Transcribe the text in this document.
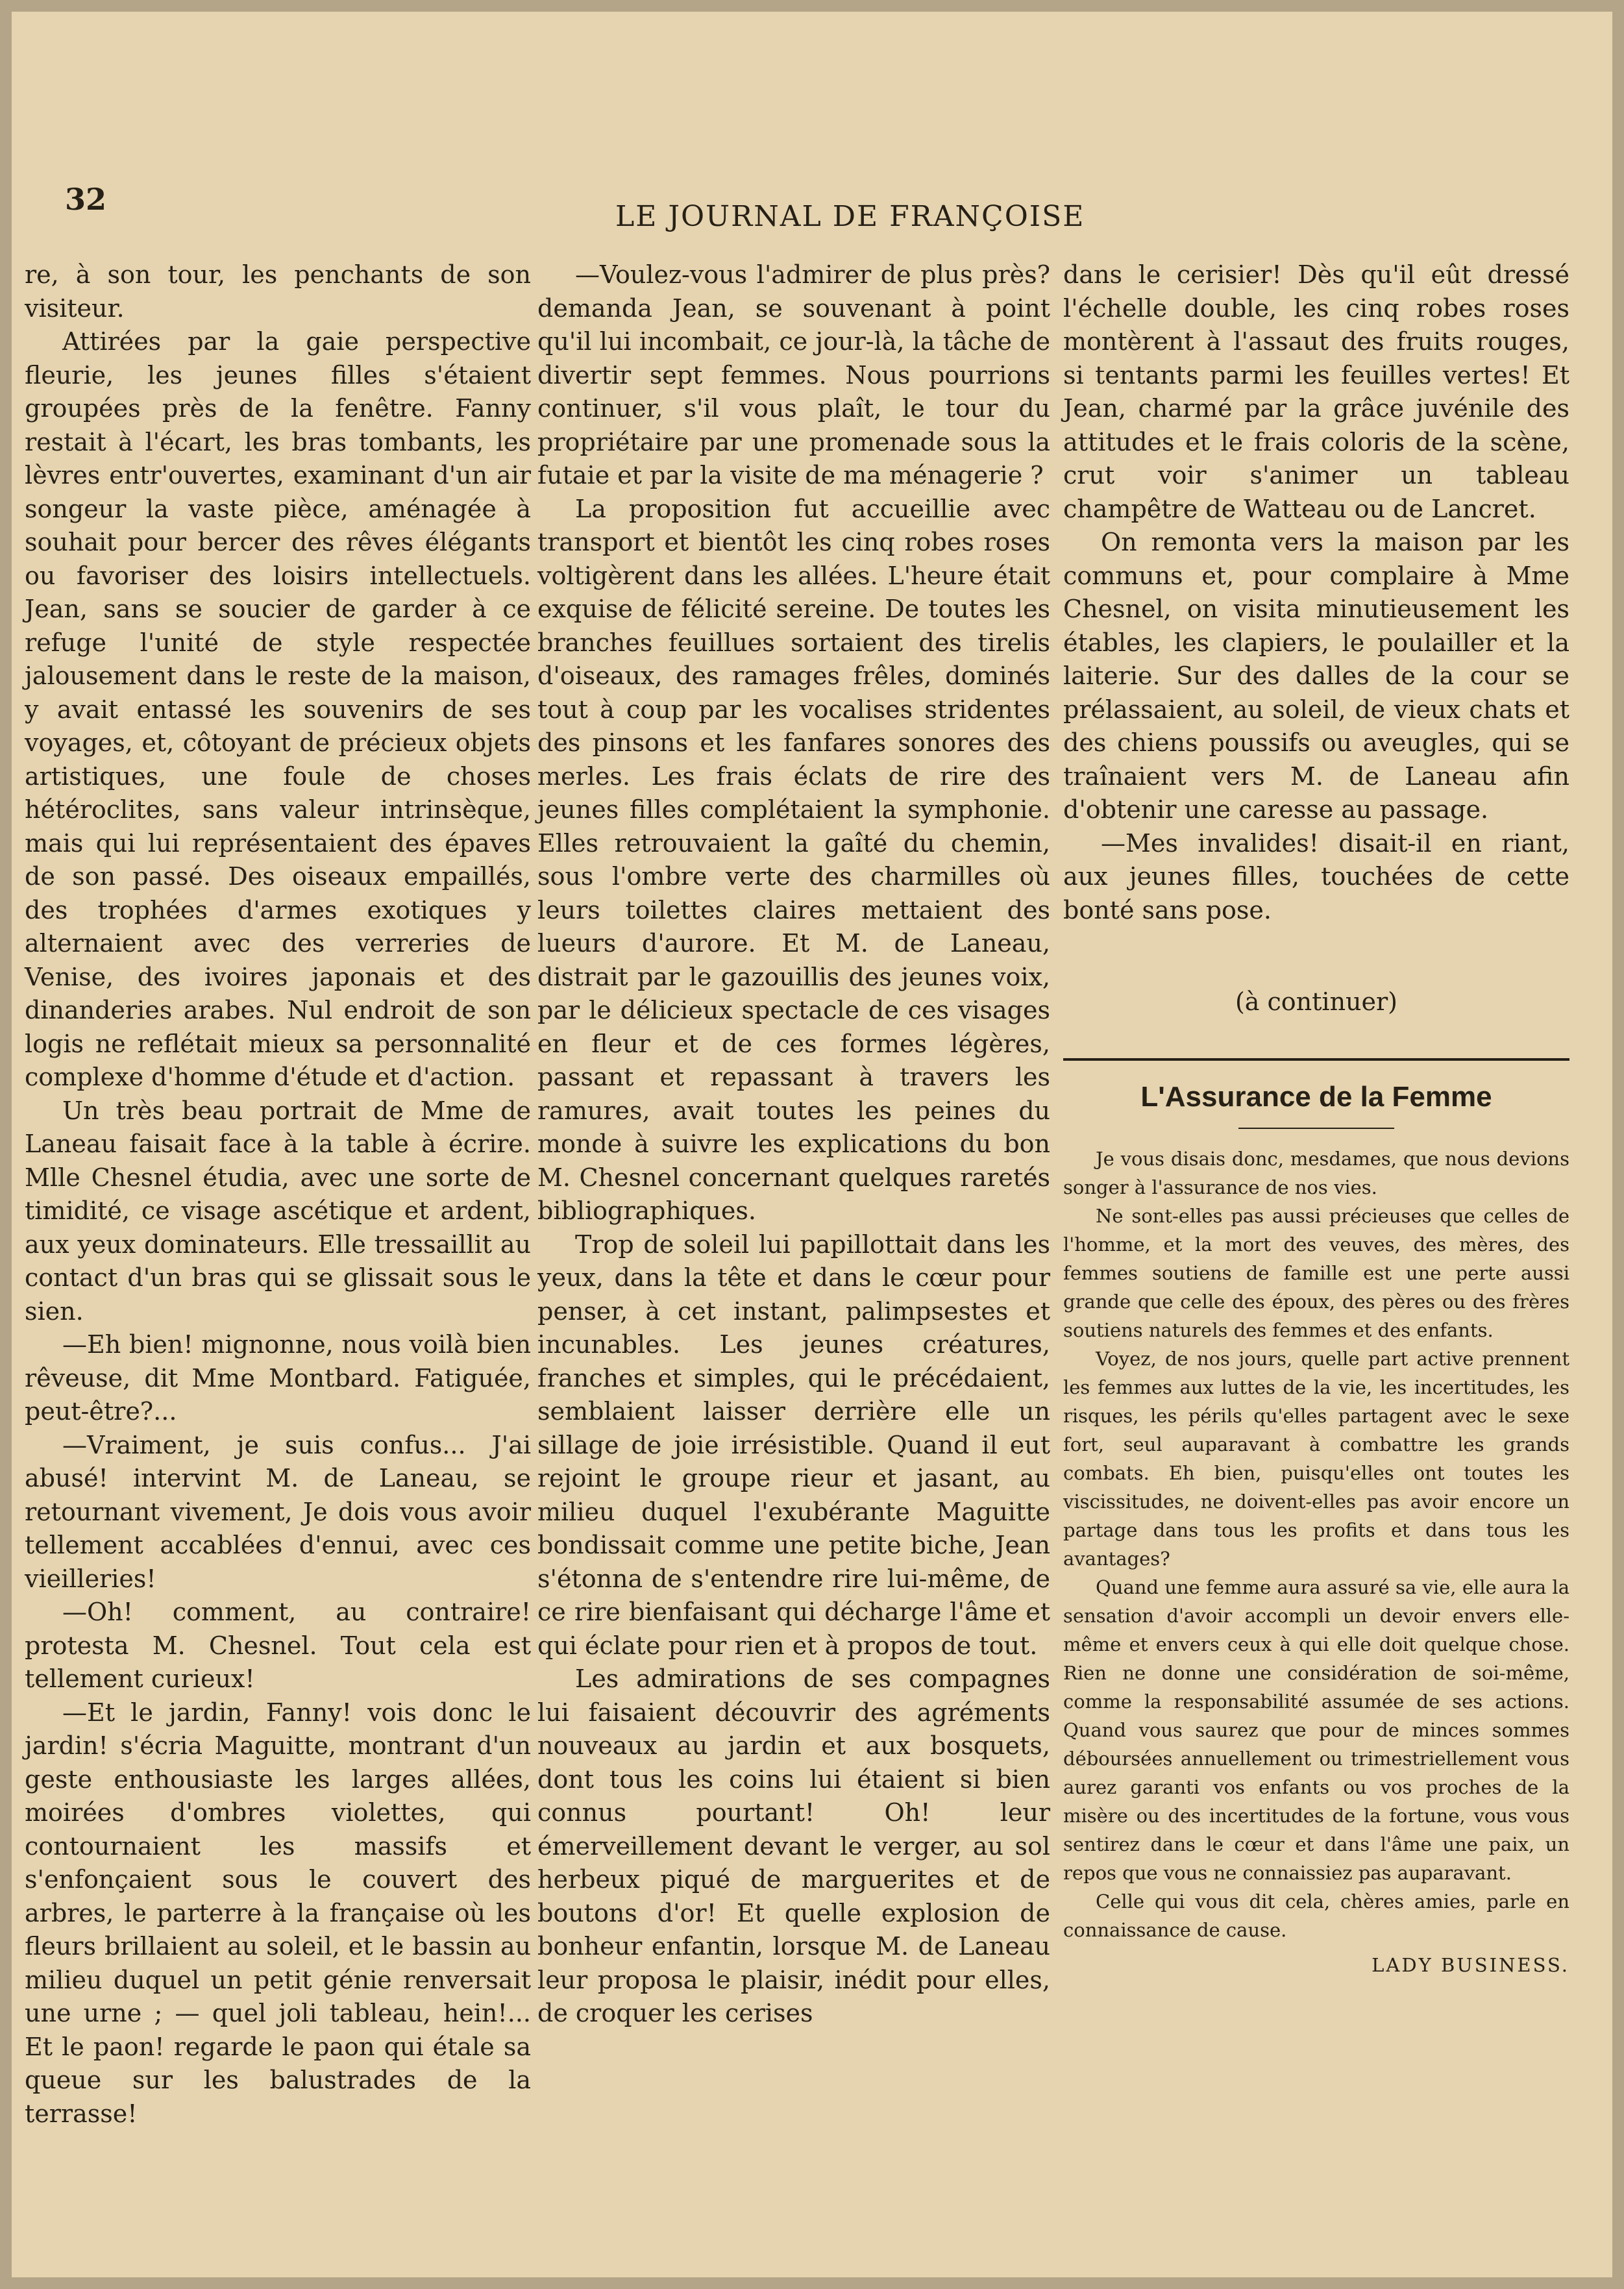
32	LE JOURNAL DE FRANÇOISE

re, à son tour, les penchants de son visiteur.

Attirées par la gaie perspective fleurie, les jeunes filles s'étaient groupées près de la fenêtre. Fanny restait à l'écart, les bras tombants, les lèvres entr'ouvertes, examinant d'un air songeur la vaste pièce, aménagée à souhait pour bercer des rêves élégants ou favoriser des loisirs intellectuels. Jean, sans se soucier de garder à ce refuge l'unité de style respectée jalousement dans le reste de la maison, y avait entassé les souvenirs de ses voyages, et, côtoyant de précieux objets artistiques, une foule de choses hétéroclites, sans valeur intrinsèque, mais qui lui représentaient des épaves de son passé. Des oiseaux empaillés, des trophées d'armes exotiques y alternaient avec des verreries de Venise, des ivoires japonais et des dinanderies arabes. Nul endroit de son logis ne reflétait mieux sa personnalité complexe d'homme d'étude et d'action.

Un très beau portrait de Mme de Laneau faisait face à la table à écrire. Mlle Chesnel étudia, avec une sorte de timidité, ce visage ascétique et ardent, aux yeux dominateurs. Elle tressaillit au contact d'un bras qui se glissait sous le sien.

—Eh bien! mignonne, nous voilà bien rêveuse, dit Mme Montbard. Fatiguée, peut-être?...

—Vraiment, je suis confus... J'ai abusé! intervint M. de Laneau, se retournant vivement, Je dois vous avoir tellement accablées d'ennui, avec ces vieilleries!

—Oh! comment, au contraire! protesta M. Chesnel. Tout cela est tellement curieux!

—Et le jardin, Fanny! vois donc le jardin! s'écria Maguitte, montrant d'un geste enthousiaste les larges allées, moirées d'ombres violettes, qui contournaient les massifs et s'enfonçaient sous le couvert des arbres, le parterre à la française où les fleurs brillaient au soleil, et le bassin au milieu duquel un petit génie renversait une urne ; — quel joli tableau, hein!... Et le paon! regarde le paon qui étale sa queue sur les balustrades de la terrasse!

—Voulez-vous l'admirer de plus près? demanda Jean, se souvenant à point qu'il lui incombait, ce jour-là, la tâche de divertir sept femmes. Nous pourrions continuer, s'il vous plaît, le tour du propriétaire par une promenade sous la futaie et par la visite de ma ménagerie ?

La proposition fut accueillie avec transport et bientôt les cinq robes roses voltigèrent dans les allées. L'heure était exquise de félicité sereine. De toutes les branches feuillues sortaient des tirelis d'oiseaux, des ramages frêles, dominés tout à coup par les vocalises stridentes des pinsons et les fanfares sonores des merles. Les frais éclats de rire des jeunes filles complétaient la symphonie. Elles retrouvaient la gaîté du chemin, sous l'ombre verte des charmilles où leurs toilettes claires mettaient des lueurs d'aurore. Et M. de Laneau, distrait par le gazouillis des jeunes voix, par le délicieux spectacle de ces visages en fleur et de ces formes légères, passant et repassant à travers les ramures, avait toutes les peines du monde à suivre les explications du bon M. Chesnel concernant quelques raretés bibliographiques.

Trop de soleil lui papillottait dans les yeux, dans la tête et dans le cœur pour penser, à cet instant, palimpsestes et incunables. Les jeunes créatures, franches et simples, qui le précédaient, semblaient laisser derrière elle un sillage de joie irrésistible. Quand il eut rejoint le groupe rieur et jasant, au milieu duquel l'exubérante Maguitte bondissait comme une petite biche, Jean s'étonna de s'entendre rire lui-même, de ce rire bienfaisant qui décharge l'âme et qui éclate pour rien et à propos de tout.

Les admirations de ses compagnes lui faisaient découvrir des agréments nouveaux au jardin et aux bosquets, dont tous les coins lui étaient si bien connus pourtant! Oh! leur émerveillement devant le verger, au sol herbeux piqué de marguerites et de boutons d'or! Et quelle explosion de bonheur enfantin, lorsque M. de Laneau leur proposa le plaisir, inédit pour elles, de croquer les cerises

dans le cerisier! Dès qu'il eût dressé l'échelle double, les cinq robes roses montèrent à l'assaut des fruits rouges, si tentants parmi les feuilles vertes! Et Jean, charmé par la grâce juvénile des attitudes et le frais coloris de la scène, crut voir s'animer un tableau champêtre de Watteau ou de Lancret.

On remonta vers la maison par les communs et, pour complaire à Mme Chesnel, on visita minutieusement les étables, les clapiers, le poulailler et la laiterie. Sur des dalles de la cour se prélassaient, au soleil, de vieux chats et des chiens poussifs ou aveugles, qui se traînaient vers M. de Laneau afin d'obtenir une caresse au passage.

—Mes invalides! disait-il en riant, aux jeunes filles, touchées de cette bonté sans pose.

(à continuer)
L'Assurance de la Femme

Je vous disais donc, mesdames, que nous devions songer à l'assurance de nos vies.

Ne sont-elles pas aussi précieuses que celles de l'homme, et la mort des veuves, des mères, des femmes soutiens de famille est une perte aussi grande que celle des époux, des pères ou des frères soutiens naturels des femmes et des enfants.

Voyez, de nos jours, quelle part active prennent les femmes aux luttes de la vie, les incertitudes, les risques, les périls qu'elles partagent avec le sexe fort, seul auparavant à combattre les grands combats. Eh bien, puisqu'elles ont toutes les viscissitudes, ne doivent-elles pas avoir encore un partage dans tous les profits et dans tous les avantages?

Quand une femme aura assuré sa vie, elle aura la sensation d'avoir accompli un devoir envers elle-même et envers ceux à qui elle doit quelque chose. Rien ne donne une considération de soi-même, comme la responsabilité assumée de ses actions. Quand vous saurez que pour de minces sommes déboursées annuellement ou trimestriellement vous aurez garanti vos enfants ou vos proches de la misère ou des incertitudes de la fortune, vous vous sentirez dans le cœur et dans l'âme une paix, un repos que vous ne connaissiez pas auparavant.

Celle qui vous dit cela, chères amies, parle en connaissance de cause.

LADY BUSINESS.
